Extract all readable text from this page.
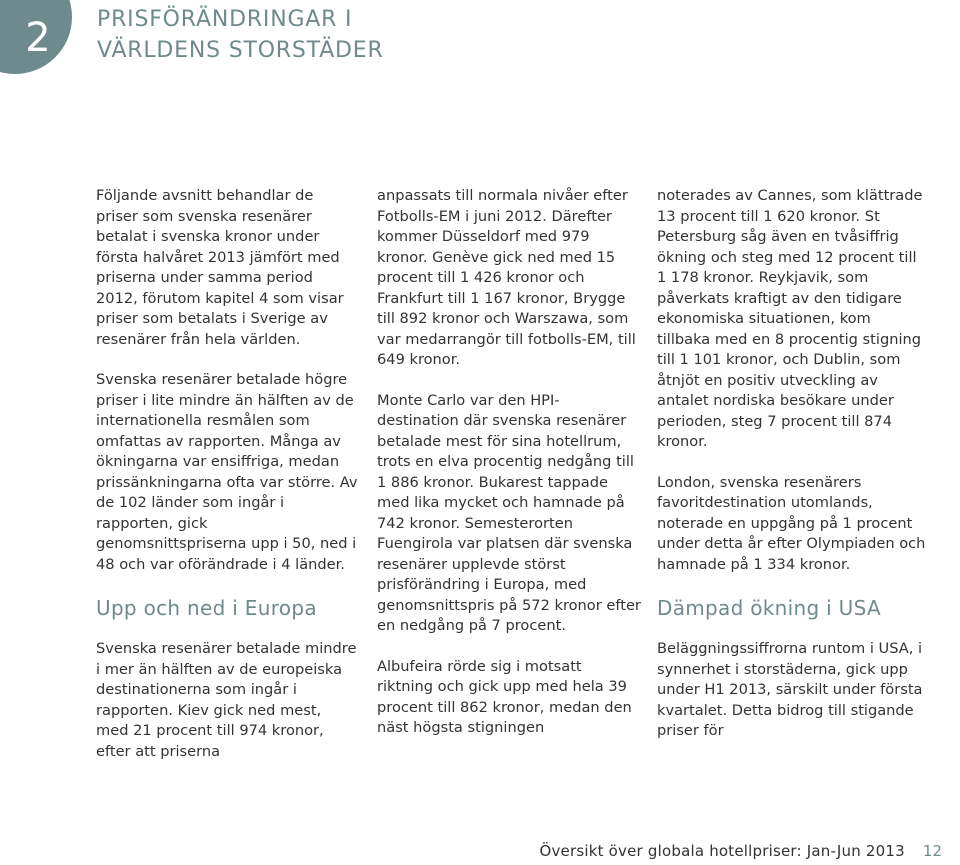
2	PRISFÖRÄNDRINGAR I VÄRLDENS STORSTÄDER

Följande avsnitt behandlar de priser som svenska resenärer betalat i svenska kronor under första halvåret 2013 jämfört med priserna under samma period 2012, förutom kapitel 4 som visar priser som betalats i Sverige av resenärer från hela världen.

Svenska resenärer betalade högre priser i lite mindre än hälften av de internationella resmålen som omfattas av rapporten. Många av ökningarna var ensiffriga, medan prissänkningarna ofta var större. Av de 102 länder som ingår i rapporten, gick genomsnittspriserna upp i 50, ned i 48 och var oförändrade i 4 länder.

Upp och ned i Europa

Svenska resenärer betalade mindre i mer än hälften av de europeiska destinationerna som ingår i rapporten. Kiev gick ned mest, med 21 procent till 974 kronor, efter att priserna

anpassats till normala nivåer efter Fotbolls-EM i juni 2012. Därefter kommer Düsseldorf med 979 kronor. Genève gick ned med 15 procent till 1 426 kronor och Frankfurt till 1 167 kronor, Brygge till 892 kronor och Warszawa, som var medarrangör till fotbolls-EM, till 649 kronor.

Monte Carlo var den HPI-destination där svenska resenärer betalade mest för sina hotellrum, trots en elva procentig nedgång till 1 886 kronor. Bukarest tappade med lika mycket och hamnade på 742 kronor. Semesterorten Fuengirola var platsen där svenska resenärer upplevde störst prisförändring i Europa, med genomsnittspris på 572 kronor efter en nedgång på 7 procent.

Albufeira rörde sig i motsatt riktning och gick upp med hela 39 procent till 862 kronor, medan den näst högsta stigningen

noterades av Cannes, som klättrade 13 procent till 1 620 kronor. St Petersburg såg även en tvåsiffrig ökning och steg med 12 procent till 1 178 kronor. Reykjavik, som påverkats kraftigt av den tidigare ekonomiska situationen, kom tillbaka med en 8 procentig stigning till 1 101 kronor, och Dublin, som åtnjöt en positiv utveckling av antalet nordiska besökare under perioden, steg 7 procent till 874 kronor.

London, svenska resenärers favoritdestination utomlands, noterade en uppgång på 1 procent under detta år efter Olympiaden och hamnade på 1 334 kronor.

Dämpad ökning i USA

Beläggningssiffrorna runtom i USA, i synnerhet i storstäderna, gick upp under H1 2013, särskilt under första kvartalet. Detta bidrog till stigande priser för

Översikt över globala hotellpriser: Jan-Jun 2013 12
